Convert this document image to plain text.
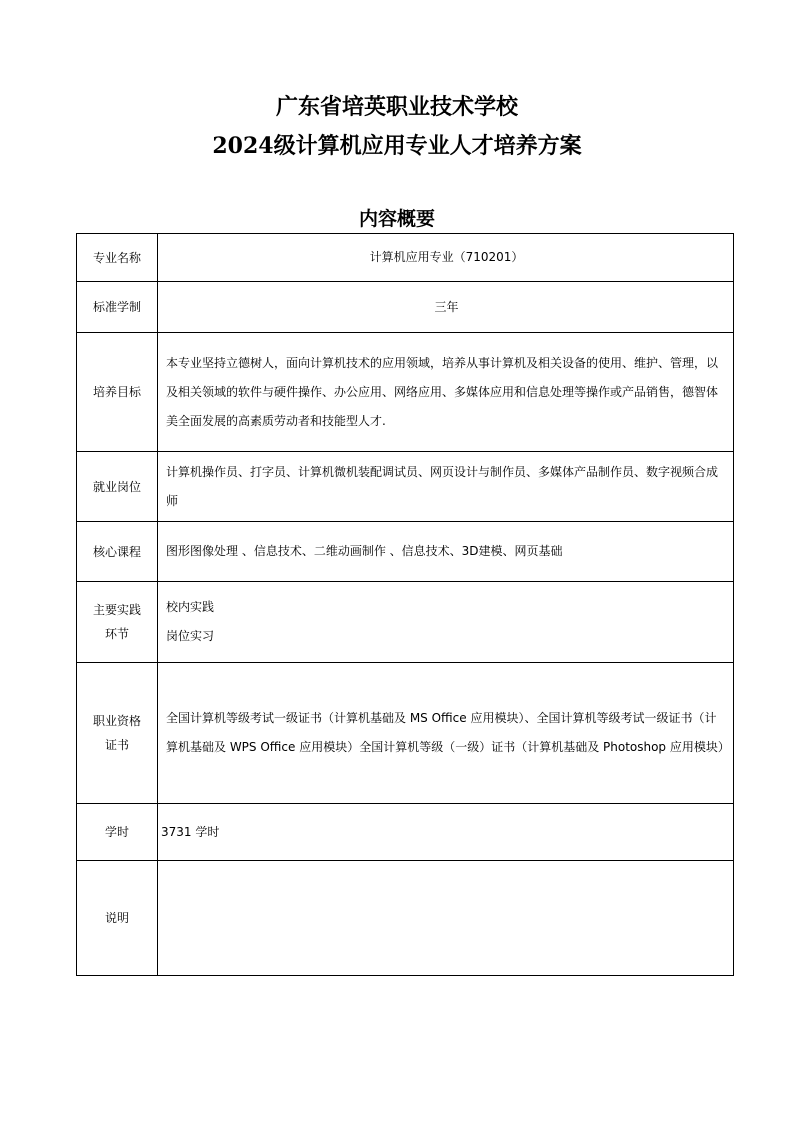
广东省培英职业技术学校
2024级计算机应用专业人才培养方案
内容概要
专业名称	计算机应用专业（710201）
标准学制	三年
培养目标	本专业坚持立德树人，面向计算机技术的应用领域，培养从事计算机及相关设备的使用、维护、管理，以及相关领域的软件与硬件操作、办公应用、网络应用、多媒体应用和信息处理等操作或产品销售，德智体美全面发展的高素质劳动者和技能型人才.
就业岗位	计算机操作员、打字员、计算机微机装配调试员、网页设计与制作员、多媒体产品制作员、数字视频合成师
核心课程	图形图像处理 、信息技术、二维动画制作 、信息技术、3D建模、网页基础

主要实践
环节	校内实践
岗位实习

职业资格
证书	全国计算机等级考试一级证书（计算机基础及 MS Office 应用模块）、全国计算机等级考试一级证书（计算机基础及 WPS Office 应用模块）全国计算机等级（一级）证书（计算机基础及 Photoshop 应用模块）
学时	3731 学时
说明	
